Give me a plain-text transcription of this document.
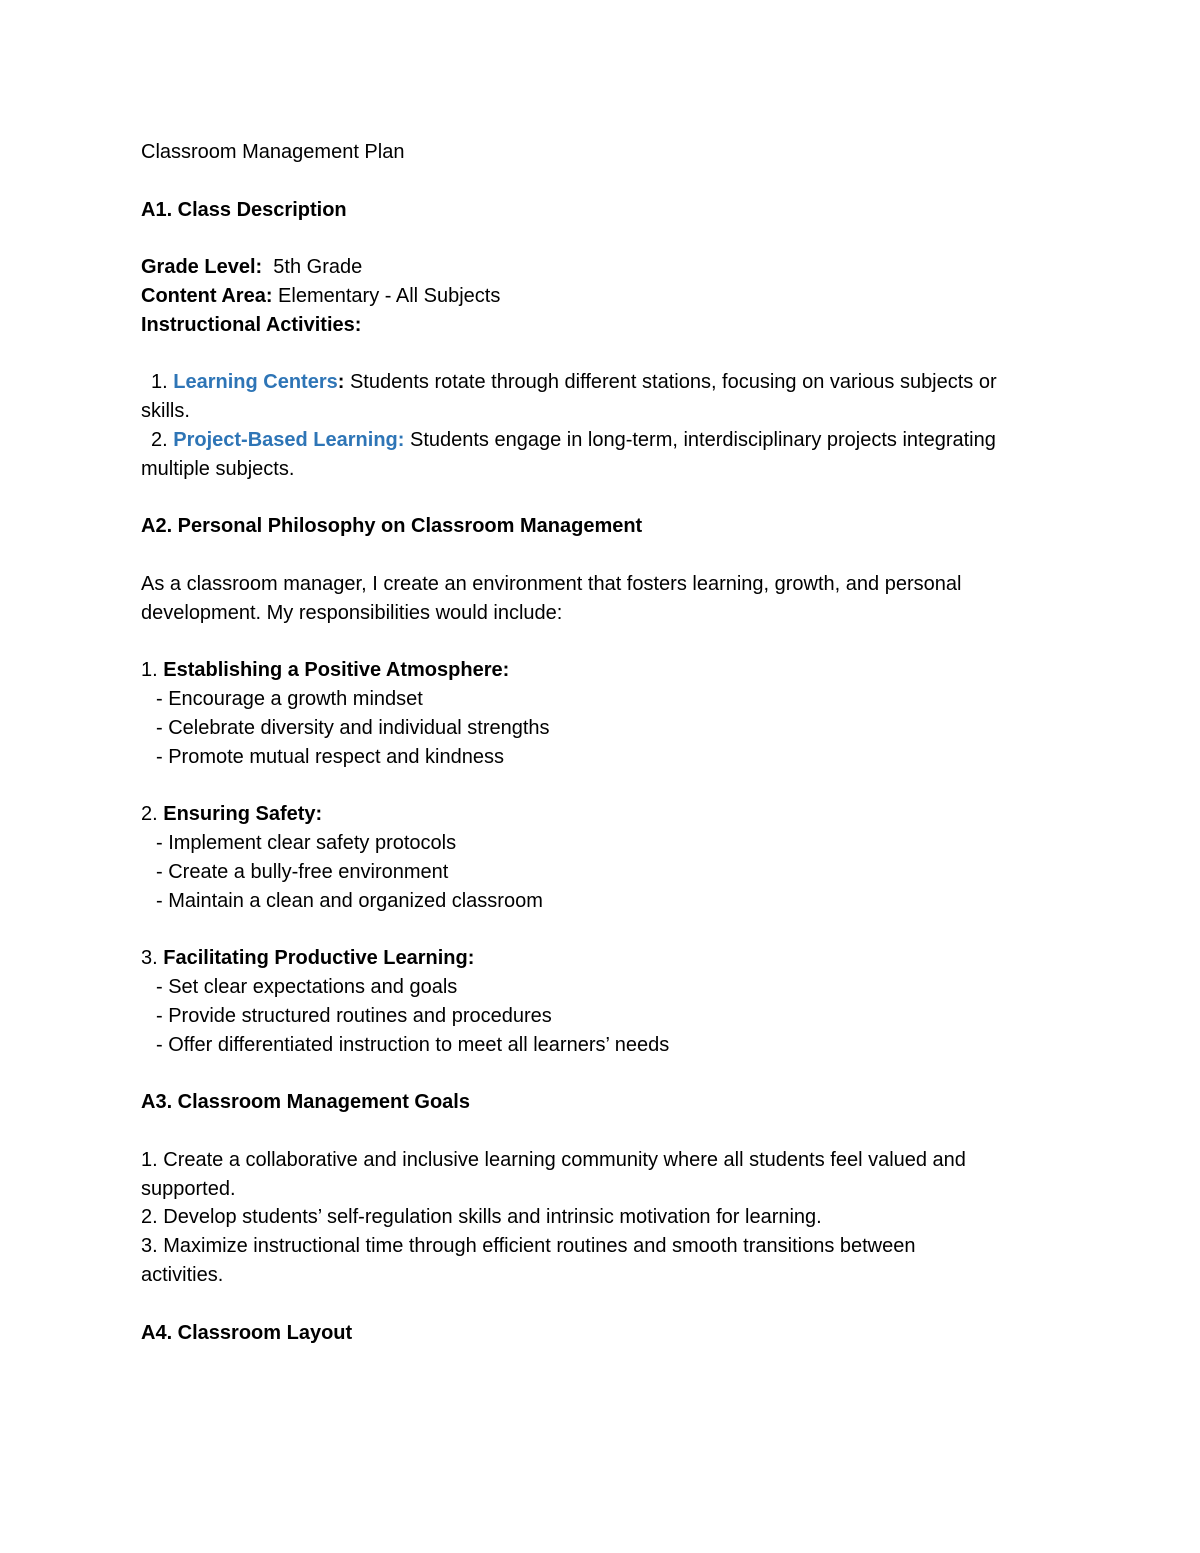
Classroom Management Plan
A1. Class Description
Grade Level: 5th Grade
Content Area: Elementary - All Subjects
Instructional Activities:
1. Learning Centers: Students rotate through different stations, focusing on various subjects or
skills.
2. Project-Based Learning: Students engage in long-term, interdisciplinary projects integrating
multiple subjects.
A2. Personal Philosophy on Classroom Management
As a classroom manager, I create an environment that fosters learning, growth, and personal
development. My responsibilities would include:
1. Establishing a Positive Atmosphere:
- Encourage a growth mindset
- Celebrate diversity and individual strengths
- Promote mutual respect and kindness
2. Ensuring Safety:
- Implement clear safety protocols
- Create a bully-free environment
- Maintain a clean and organized classroom
3. Facilitating Productive Learning:
- Set clear expectations and goals
- Provide structured routines and procedures
- Offer differentiated instruction to meet all learners’ needs
A3. Classroom Management Goals
1. Create a collaborative and inclusive learning community where all students feel valued and
supported.
2. Develop students’ self-regulation skills and intrinsic motivation for learning.
3. Maximize instructional time through efficient routines and smooth transitions between
activities.
A4. Classroom Layout
